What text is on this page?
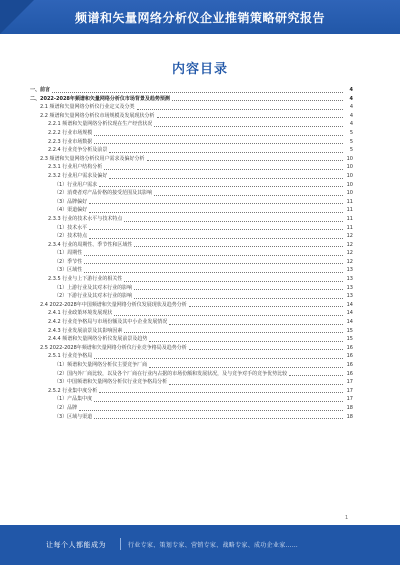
频谱和矢量网络分析仪企业推销策略研究报告
内容目录
一、前言	4
二、2022-2028年频谱和矢量网络分析仪市场背景及趋势预测	4
2.1 频谱和矢量网络分析仪行业定义及分类	4
2.2 频谱和矢量网络分析仪市场规模及发展现状分析	4
2.2.1 频谱和矢量网络分析仪现在生产经营状况	4
2.2.2 行业市场规模	5
2.2.3 行业市场数据	5
2.2.4 行业竞争分析及前景	5
2.3 频谱和矢量网络分析仪用户需求及偏好分析	10
2.3.1 行业用户结构分析	10
2.3.2 行业用户需求及偏好	10
（1）行业用户需求	10
（2）消费者对产品价格的接受范围及其影响	10
（3）品牌偏好	11
（4）渠道偏好	11
2.3.3 行业的技术水平与技术特点	11
（1）技术水平	11
（2）技术特点	12
2.3.4 行业的周期性、季节性和区域性	12
（1）周期性	12
（2）季节性	12
（3）区域性	13
2.3.5 行业与上下游行业的相关性	13
（1）上游行业及其对本行业的影响	13
（2）下游行业及其对本行业的影响	13
2.4 2022-2028年中国频谱和矢量网络分析仪发展现状及趋势分析	14
2.4.1 行业政策环境发展现状	14
2.4.2 行业竞争格局与市场份额及其中小企业发展情况	14
2.4.3 行业发展前景及其影响因素	15
2.4.4 频谱和矢量网络分析仪发展前景及趋势	15
2.5 2022-2028年频谱和矢量网络分析仪行业竞争格局及趋势分析	16
2.5.1 行业竞争格局	16
（1）频谱和矢量网络分析仪主要竞争厂商	16
（2）国内外厂商比较，以及各个厂商在行业内占据的市场份额和发展状况，及与竞争对手的竞争优势比较	16
（3）中国频谱和矢量网络分析仪行业竞争格局分析	17
2.5.2 行业集中度分析	17
（1）产品集中度	17
（2）品牌	18
（3）区域与渠道	18
1
让每个人都能成为	行业专家、策划专家、营销专家、战略专家、成功企业家……
